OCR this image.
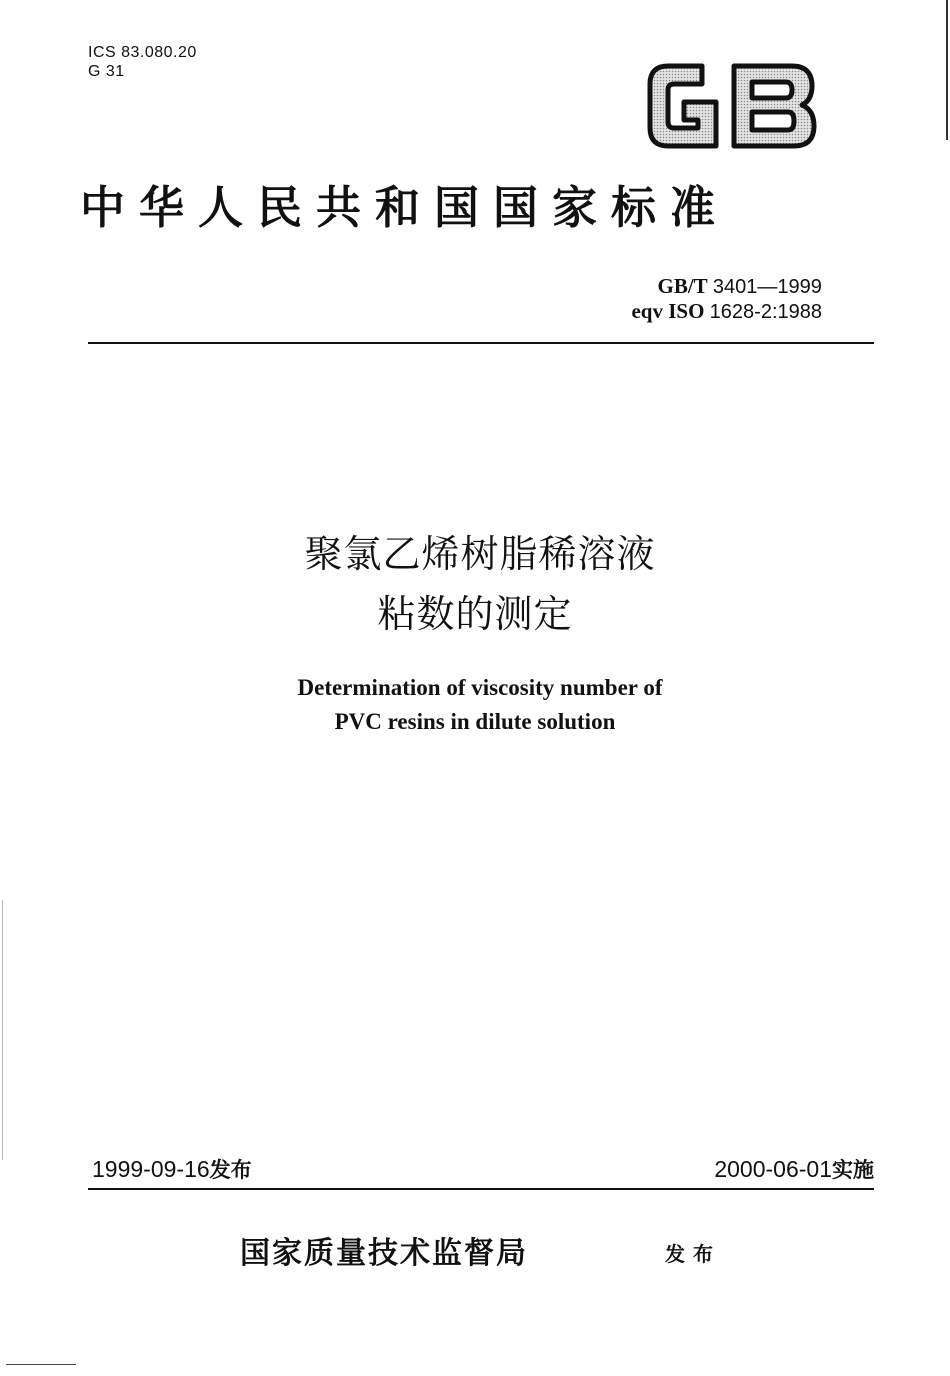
ICS 83.080.20
G 31
中华人民共和国国家标准
GB/T 3401—1999
eqv ISO 1628-2:1988
聚氯乙烯树脂稀溶液
粘数的测定
Determination of viscosity number of
PVC resins in dilute solution
1999-09-16发布	2000-06-01实施
国家质量技术监督局	发布
